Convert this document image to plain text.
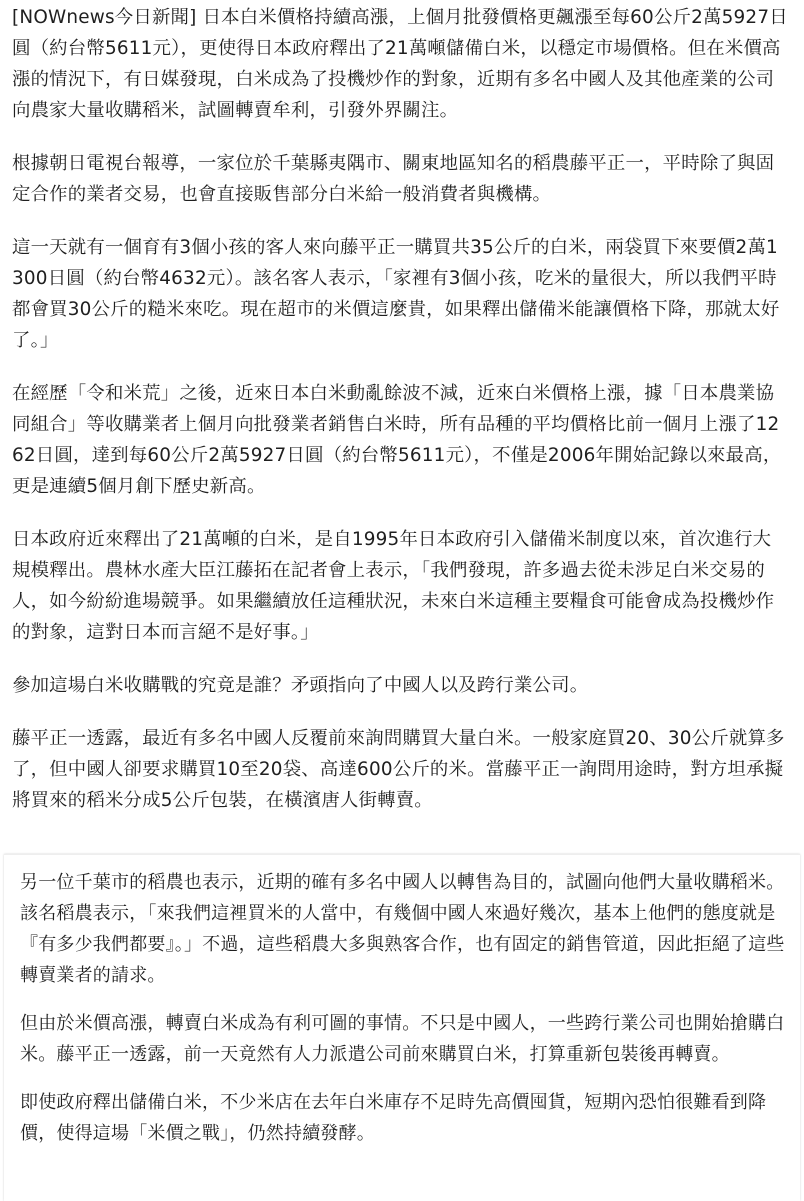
[NOWnews今日新聞] 日本白米價格持續高漲，上個月批發價格更飆漲至每60公斤2萬5927日圓（約台幣5611元），更使得日本政府釋出了21萬噸儲備白米，以穩定市場價格。但在米價高漲的情況下，有日媒發現，白米成為了投機炒作的對象，近期有多名中國人及其他產業的公司向農家大量收購稻米，試圖轉賣牟利，引發外界關注。

根據朝日電視台報導，一家位於千葉縣夷隅市、關東地區知名的稻農藤平正一，平時除了與固定合作的業者交易，也會直接販售部分白米給一般消費者與機構。

這一天就有一個育有3個小孩的客人來向藤平正一購買共35公斤的白米，兩袋買下來要價2萬1300日圓（約台幣4632元）。該名客人表示，「家裡有3個小孩，吃米的量很大，所以我們平時都會買30公斤的糙米來吃。現在超市的米價這麼貴，如果釋出儲備米能讓價格下降，那就太好了。」

在經歷「令和米荒」之後，近來日本白米動亂餘波不減，近來白米價格上漲，據「日本農業協同組合」等收購業者上個月向批發業者銷售白米時，所有品種的平均價格比前一個月上漲了1262日圓，達到每60公斤2萬5927日圓（約台幣5611元），不僅是2006年開始記錄以來最高，更是連續5個月創下歷史新高。

日本政府近來釋出了21萬噸的白米，是自1995年日本政府引入儲備米制度以來，首次進行大規模釋出。農林水產大臣江藤拓在記者會上表示，「我們發現，許多過去從未涉足白米交易的人，如今紛紛進場競爭。如果繼續放任這種狀況，未來白米這種主要糧食可能會成為投機炒作的對象，這對日本而言絕不是好事。」

參加這場白米收購戰的究竟是誰？矛頭指向了中國人以及跨行業公司。

藤平正一透露，最近有多名中國人反覆前來詢問購買大量白米。一般家庭買20、30公斤就算多了，但中國人卻要求購買10至20袋、高達600公斤的米。當藤平正一詢問用途時，對方坦承擬將買來的稻米分成5公斤包裝，在橫濱唐人街轉賣。

另一位千葉市的稻農也表示，近期的確有多名中國人以轉售為目的，試圖向他們大量收購稻米。該名稻農表示，「來我們這裡買米的人當中，有幾個中國人來過好幾次，基本上他們的態度就是『有多少我們都要』。」不過，這些稻農大多與熟客合作，也有固定的銷售管道，因此拒絕了這些轉賣業者的請求。

但由於米價高漲，轉賣白米成為有利可圖的事情。不只是中國人，一些跨行業公司也開始搶購白米。藤平正一透露，前一天竟然有人力派遣公司前來購買白米，打算重新包裝後再轉賣。

即使政府釋出儲備白米，不少米店在去年白米庫存不足時先高價囤貨，短期內恐怕很難看到降價，使得這場「米價之戰」，仍然持續發酵。
